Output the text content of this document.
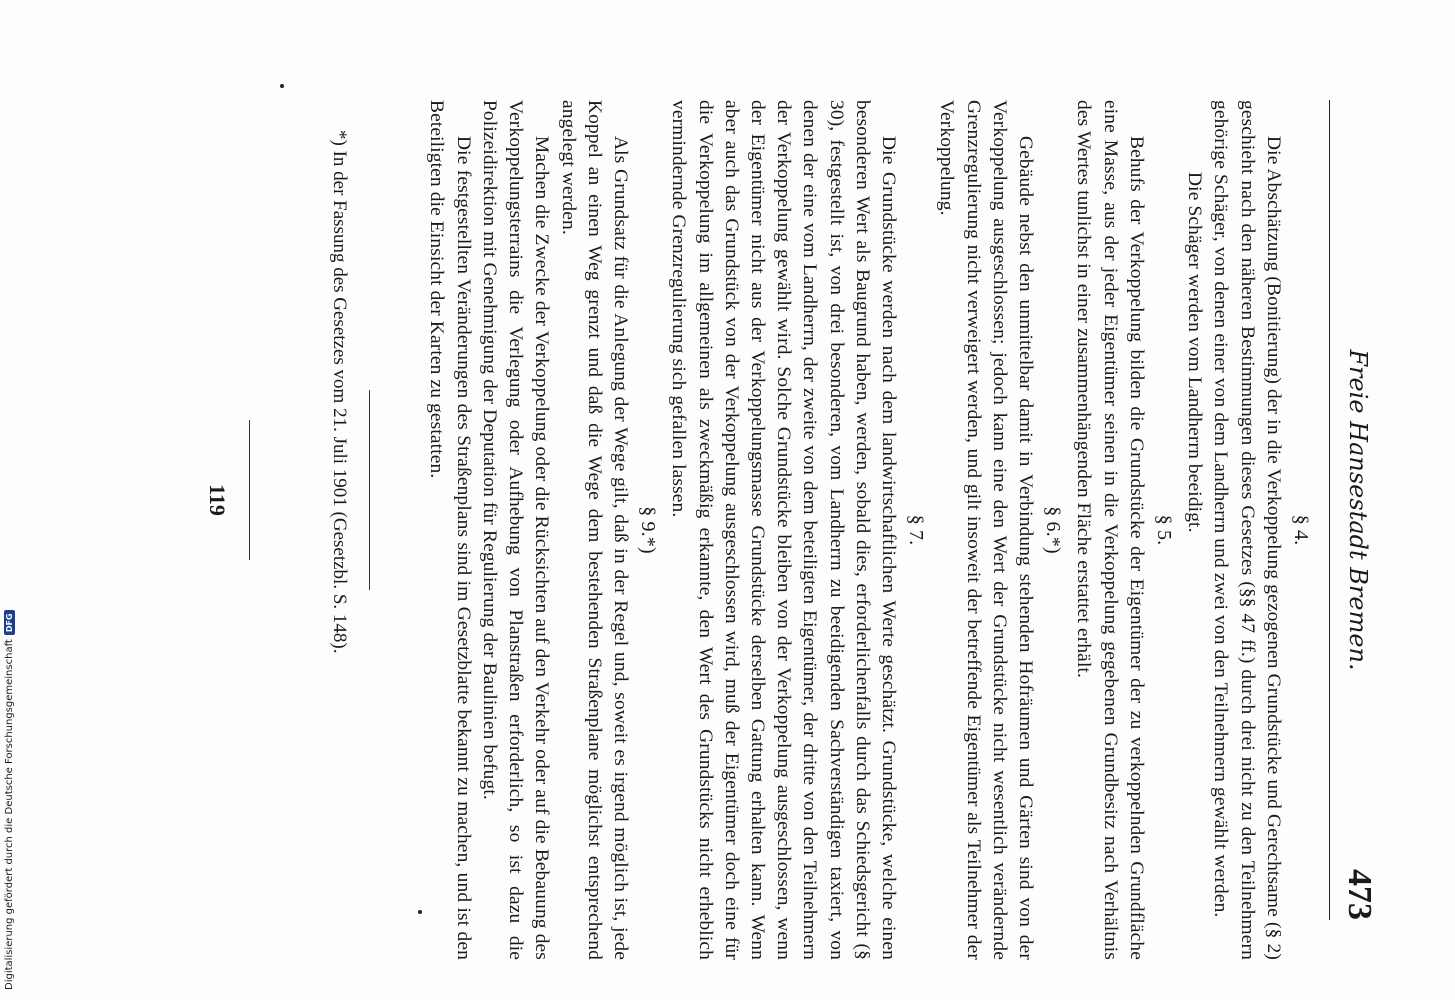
Freie Hansestadt Bremen.
473
§ 4.

Die Abschätzung (Bonitierung) der in die Verkoppelung gezogenen Grundstücke und Gerechtsame (§ 2) geschieht nach den näheren Bestimmungen dieses Gesetzes (§§ 47 ff.) durch drei nicht zu den Teilnehmern gehörige Schäger, von denen einer von dem Landherrn und zwei von den Teilnehmern gewählt werden.

Die Schäger werden vom Landherrn beeidigt.

§ 5.

Behufs der Verkoppelung bilden die Grundstücke der Eigentümer der zu verkoppelnden Grundfläche eine Masse, aus der jeder Eigentümer seinen in die Verkoppelung gegebenen Grundbesitz nach Verhältnis des Wertes tunlichst in einer zusammenhängenden Fläche erstattet erhält.

§ 6.*)

Gebäude nebst den unmittelbar damit in Verbindung stehenden Hofräumen und Gärten sind von der Verkoppelung ausgeschlossen; jedoch kann eine den Wert der Grundstücke nicht wesentlich verändernde Grenzregulierung nicht verweigert werden, und gilt insoweit der betreffende Eigentümer als Teilnehmer der Verkoppelung.

§ 7.

Die Grundstücke werden nach dem landwirtschaftlichen Werte geschätzt. Grundstücke, welche einen besonderen Wert als Baugrund haben, werden, sobald dies, erforderlichenfalls durch das Schiedsgericht (§ 30), festgestellt ist, von drei besonderen, vom Landherrn zu beeidigenden Sachverständigen taxiert, von denen der eine vom Landherrn, der zweite von dem beteiligten Eigentümer, der dritte von den Teilnehmern der Verkoppelung gewählt wird. Solche Grundstücke bleiben von der Verkoppelung ausgeschlossen, wenn der Eigentümer nicht aus der Verkoppelungsmasse Grundstücke derselben Gattung erhalten kann. Wenn aber auch das Grundstück von der Verkoppelung ausgeschlossen wird, muß der Eigentümer doch eine für die Verkoppelung im allgemeinen als zweckmäßig erkannte, den Wert des Grundstücks nicht erheblich vermindernde Grenzregulierung sich gefallen lassen.

§ 9.*)

Als Grundsatz für die Anlegung der Wege gilt, daß in der Regel und, soweit es irgend möglich ist, jede Koppel an einen Weg grenzt und daß die Wege dem bestehenden Straßenplane möglichst entsprechend angelegt werden.

Machen die Zwecke der Verkoppelung oder die Rücksichten auf den Verkehr oder auf die Bebauung des Verkoppelungsterrains die Verlegung oder Aufhebung von Planstraßen erforderlich, so ist dazu die Polizeidirektion mit Genehmigung der Deputation für Regulierung der Baulinien befugt.

Die festgestellten Veränderungen des Straßenplans sind im Gesetzblatte bekannt zu machen, und ist den Beteiligten die Einsicht der Karten zu gestatten.

*) In der Fassung des Gesetzes vom 21. Juli 1901 (Gesetzbl. S. 148).
119
Digitalisierung gefördert durch die Deutsche Forschungsgemeinschaft
DFG
